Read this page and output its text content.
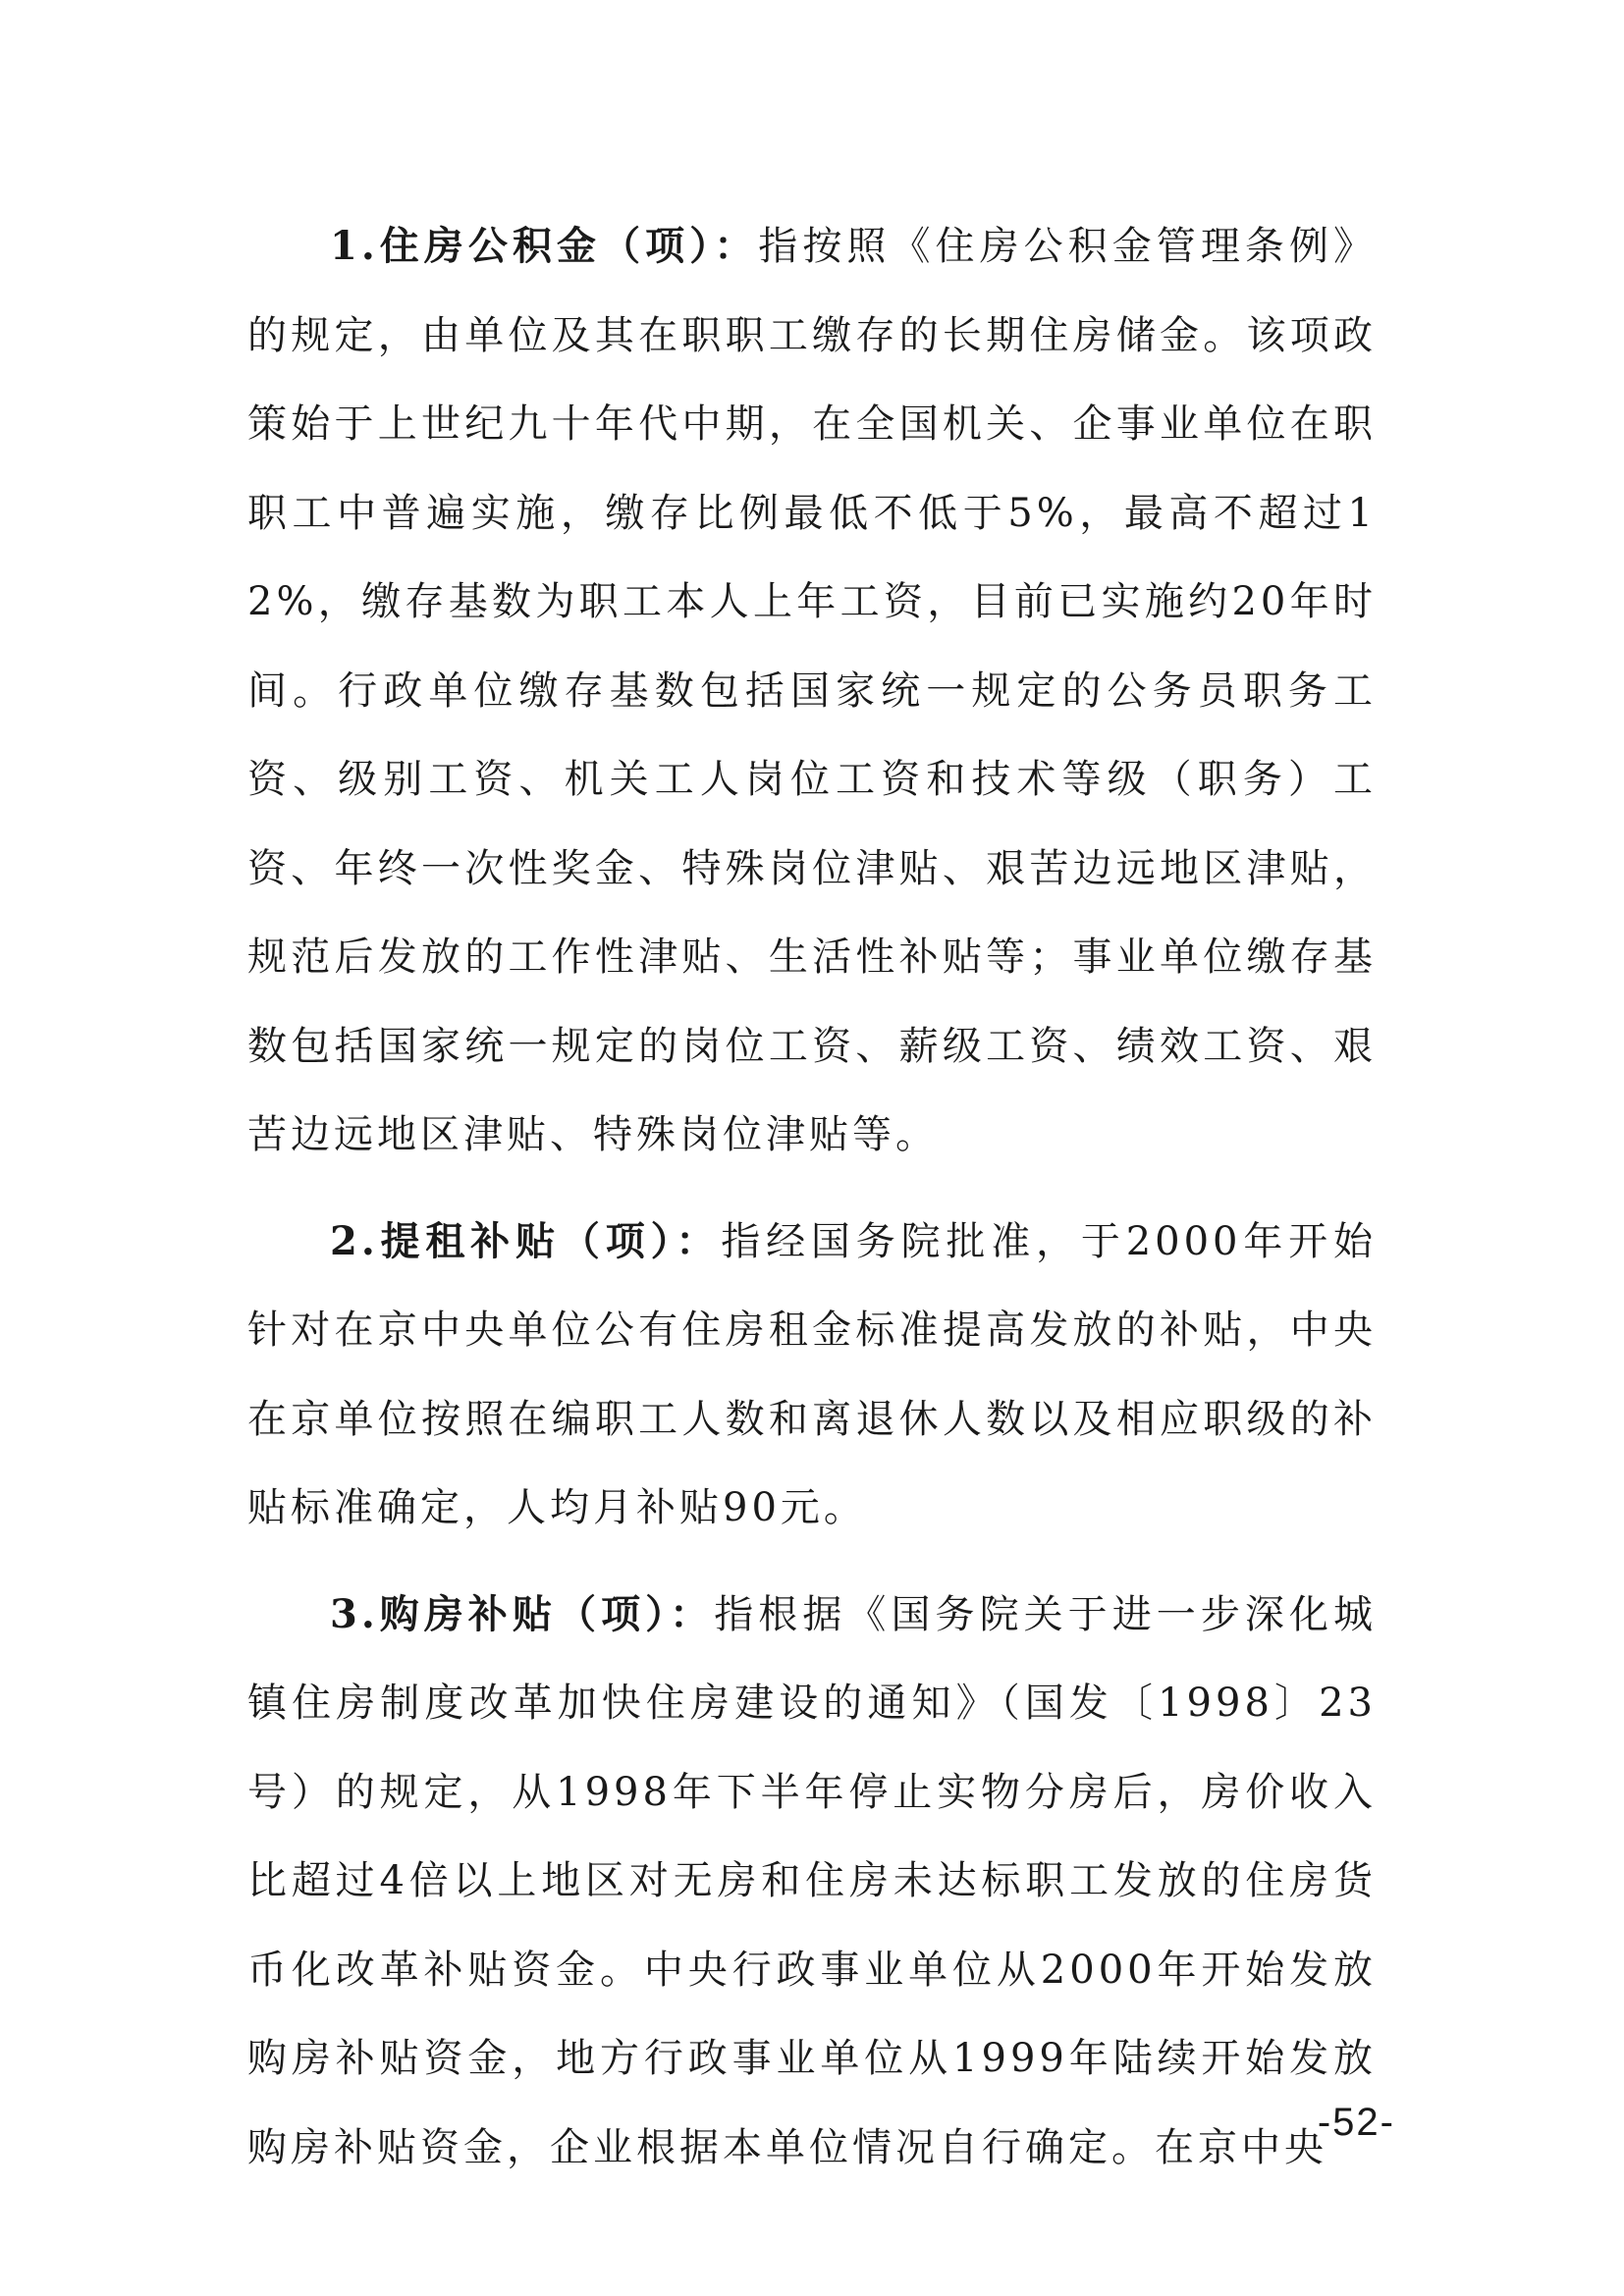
1.住房公积金（项）：指按照《住房公积金管理条例》的规定，由单位及其在职职工缴存的长期住房储金。该项政策始于上世纪九十年代中期，在全国机关、企事业单位在职职工中普遍实施，缴存比例最低不低于5%，最高不超过12%，缴存基数为职工本人上年工资，目前已实施约20年时间。行政单位缴存基数包括国家统一规定的公务员职务工资、级别工资、机关工人岗位工资和技术等级（职务）工资、年终一次性奖金、特殊岗位津贴、艰苦边远地区津贴，规范后发放的工作性津贴、生活性补贴等；事业单位缴存基数包括国家统一规定的岗位工资、薪级工资、绩效工资、艰苦边远地区津贴、特殊岗位津贴等。

2.提租补贴（项）：指经国务院批准，于2000年开始针对在京中央单位公有住房租金标准提高发放的补贴，中央在京单位按照在编职工人数和离退休人数以及相应职级的补贴标准确定，人均月补贴90元。

3.购房补贴（项）：指根据《国务院关于进一步深化城镇住房制度改革加快住房建设的通知》（国发〔1998〕23号）的规定，从1998年下半年停止实物分房后，房价收入比超过4倍以上地区对无房和住房未达标职工发放的住房货币化改革补贴资金。中央行政事业单位从2000年开始发放购房补贴资金，地方行政事业单位从1999年陆续开始发放购房补贴资金，企业根据本单位情况自行确定。在京中央

-52-
